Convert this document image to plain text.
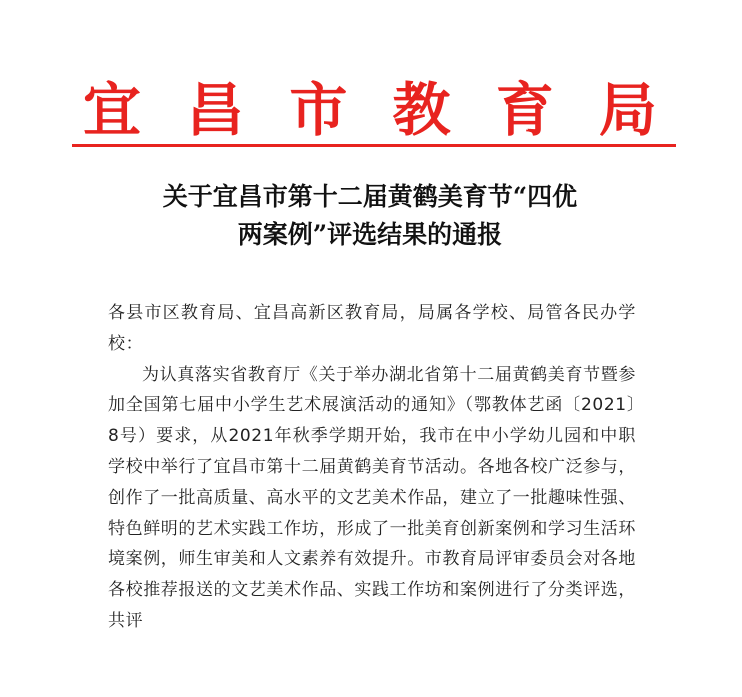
宜 昌 市 教 育 局
关于宜昌市第十二届黄鹤美育节“四优
两案例”评选结果的通报

各县市区教育局、宜昌高新区教育局，局属各学校、局管各民办学校：

为认真落实省教育厅《关于举办湖北省第十二届黄鹤美育节暨参加全国第七届中小学生艺术展演活动的通知》（鄂教体艺函〔2021〕8号）要求，从2021年秋季学期开始，我市在中小学幼儿园和中职学校中举行了宜昌市第十二届黄鹤美育节活动。各地各校广泛参与，创作了一批高质量、高水平的文艺美术作品，建立了一批趣味性强、特色鲜明的艺术实践工作坊，形成了一批美育创新案例和学习生活环境案例，师生审美和人文素养有效提升。市教育局评审委员会对各地各校推荐报送的文艺美术作品、实践工作坊和案例进行了分类评选，共评
